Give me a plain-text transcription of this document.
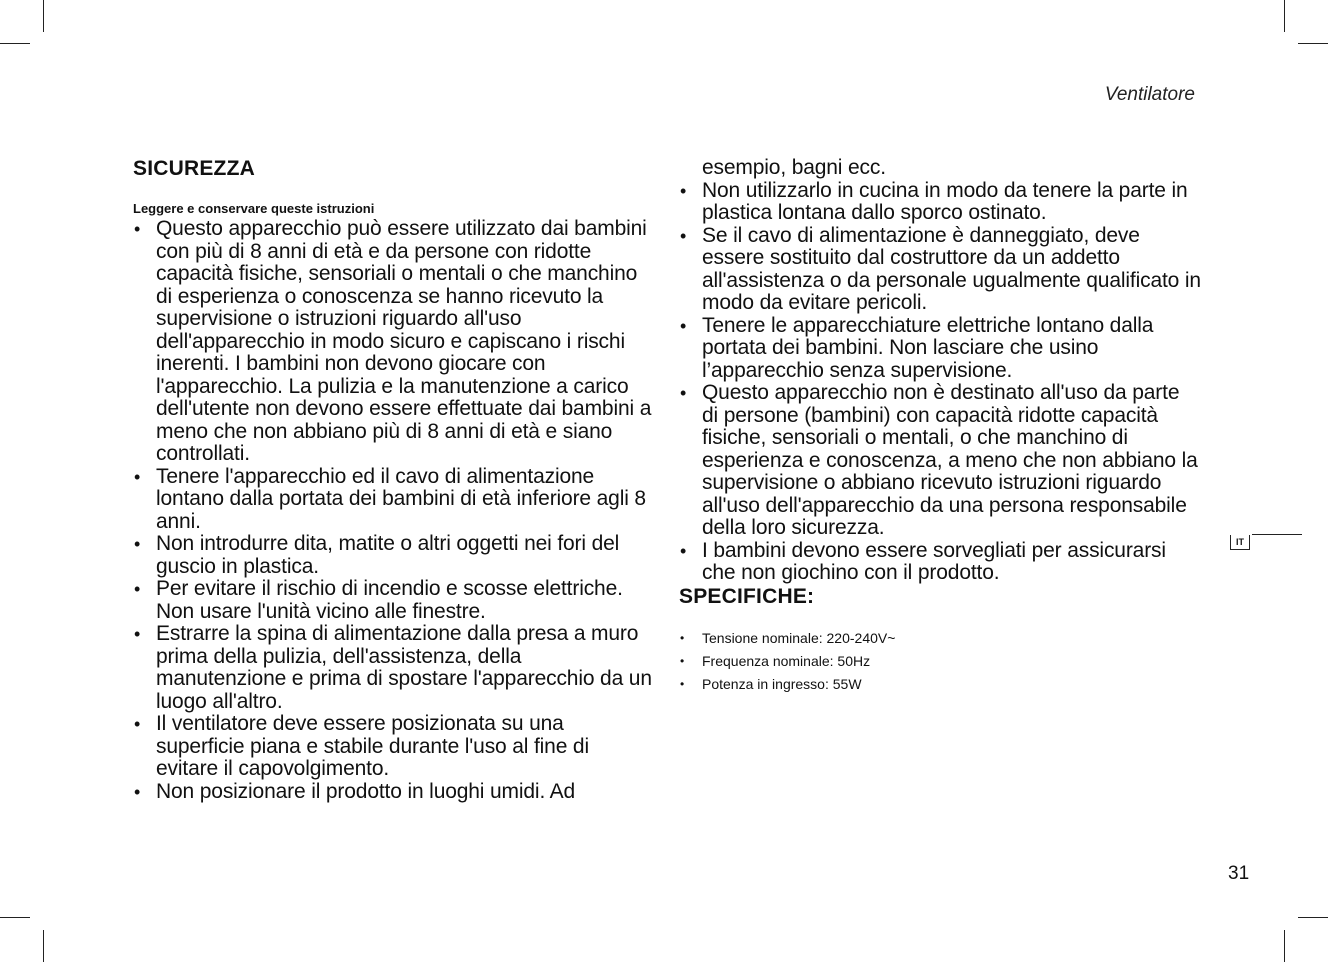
Ventilatore
SICUREZZA
Leggere e conservare queste istruzioni
• Questo apparecchio può essere utilizzato dai bambini con più di 8 anni di età e da persone con ridotte capacità fisiche, sensoriali o mentali o che manchino di esperienza o conoscenza se hanno ricevuto la supervisione o istruzioni riguardo all'uso dell'apparecchio in modo sicuro e capiscano i rischi inerenti. I bambini non devono giocare con l'apparecchio. La pulizia e la manutenzione a carico dell'utente non devono essere effettuate dai bambini a meno che non abbiano più di 8 anni di età e siano controllati.
• Tenere l'apparecchio ed il cavo di alimentazione lontano dalla portata dei bambini di età inferiore agli 8 anni.
• Non introdurre dita, matite o altri oggetti nei fori del guscio in plastica.
• Per evitare il rischio di incendio e scosse elettriche. Non usare l'unità vicino alle finestre.
• Estrarre la spina di alimentazione dalla presa a muro prima della pulizia, dell'assistenza, della manutenzione e prima di spostare l'apparecchio da un luogo all'altro.
• Il ventilatore deve essere posizionata su una superficie piana e stabile durante l'uso al fine di evitare il capovolgimento.
• Non posizionare il prodotto in luoghi umidi. Ad
esempio, bagni ecc.
• Non utilizzarlo in cucina in modo da tenere la parte in plastica lontana dallo sporco ostinato.
• Se il cavo di alimentazione è danneggiato, deve essere sostituito dal costruttore da un addetto all'assistenza o da personale ugualmente qualificato in modo da evitare pericoli.
• Tenere le apparecchiature elettriche lontano dalla portata dei bambini. Non lasciare che usino l’apparecchio senza supervisione.
• Questo apparecchio non è destinato all'uso da parte di persone (bambini) con capacità ridotte capacità fisiche, sensoriali o mentali, o che manchino di esperienza e conoscenza, a meno che non abbiano la supervisione o abbiano ricevuto istruzioni riguardo all'uso dell'apparecchio da una persona responsabile della loro sicurezza.
• I bambini devono essere sorvegliati per assicurarsi che non giochino con il prodotto.
SPECIFICHE:
• Tensione nominale: 220-240V~
• Frequenza nominale: 50Hz
• Potenza in ingresso: 55W
IT
31
